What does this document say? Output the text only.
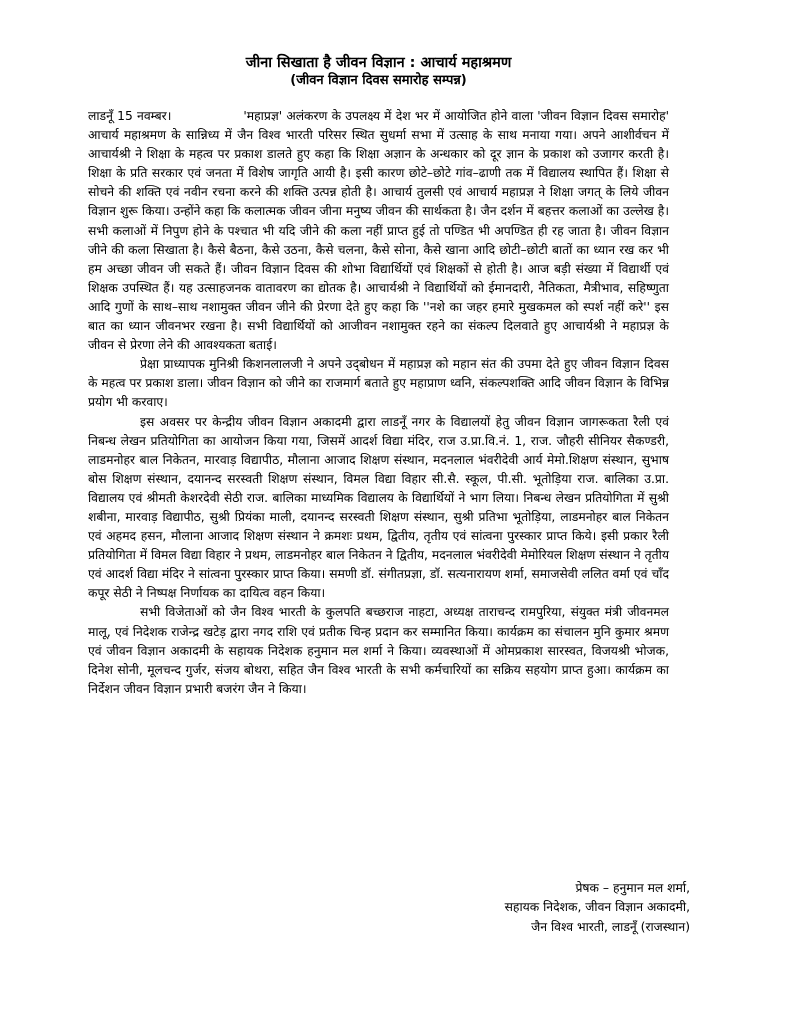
जीना सिखाता है जीवन विज्ञान : आचार्य महाश्रमण
(जीवन विज्ञान दिवस समारोह सम्पन्न)

लाडनूँ 15 नवम्बर।	'महाप्रज्ञ' अलंकरण के उपलक्ष्य में देश भर में आयोजित होने वाला 'जीवन विज्ञान दिवस समारोह' आचार्य महाश्रमण के सान्निध्य में जैन विश्व भारती परिसर स्थित सुधर्मा सभा में उत्साह के साथ मनाया गया। अपने आशीर्वचन में आचार्यश्री ने शिक्षा के महत्व पर प्रकाश डालते हुए कहा कि शिक्षा अज्ञान के अन्धकार को दूर ज्ञान के प्रकाश को उजागर करती है। शिक्षा के प्रति सरकार एवं जनता में विशेष जागृति आयी है। इसी कारण छोटे–छोटे गांव–ढाणी तक में विद्यालय स्थापित हैं। शिक्षा से सोचने की शक्ति एवं नवीन रचना करने की शक्ति उत्पन्न होती है। आचार्य तुलसी एवं आचार्य महाप्रज्ञ ने शिक्षा जगत् के लिये जीवन विज्ञान शुरू किया। उन्होंने कहा कि कलात्मक जीवन जीना मनुष्य जीवन की सार्थकता है। जैन दर्शन में बहत्तर कलाओं का उल्लेख है। सभी कलाओं में निपुण होने के पश्चात भी यदि जीने की कला नहीं प्राप्त हुई तो पण्डित भी अपण्डित ही रह जाता है। जीवन विज्ञान जीने की कला सिखाता है। कैसे बैठना, कैसे उठना, कैसे चलना, कैसे सोना, कैसे खाना आदि छोटी–छोटी बातों का ध्यान रख कर भी हम अच्छा जीवन जी सकते हैं। जीवन विज्ञान दिवस की शोभा विद्यार्थियों एवं शिक्षकों से होती है। आज बड़ी संख्या में विद्यार्थी एवं शिक्षक उपस्थित हैं। यह उत्साहजनक वातावरण का द्योतक है। आचार्यश्री ने विद्यार्थियों को ईमानदारी, नैतिकता, मैत्रीभाव, सहिष्णुता आदि गुणों के साथ–साथ नशामुक्त जीवन जीने की प्रेरणा देते हुए कहा कि ''नशे का जहर हमारे मुखकमल को स्पर्श नहीं करे'' इस बात का ध्यान जीवनभर रखना है। सभी विद्यार्थियों को आजीवन नशामुक्त रहने का संकल्प दिलवाते हुए आचार्यश्री ने महाप्रज्ञ के जीवन से प्रेरणा लेने की आवश्यकता बताई।

प्रेक्षा प्राध्यापक मुनिश्री किशनलालजी ने अपने उद्‌बोधन में महाप्रज्ञ को महान संत की उपमा देते हुए जीवन विज्ञान दिवस के महत्व पर प्रकाश डाला। जीवन विज्ञान को जीने का राजमार्ग बताते हुए महाप्राण ध्वनि, संकल्पशक्ति आदि जीवन विज्ञान के विभिन्न प्रयोग भी करवाए।

इस अवसर पर केन्द्रीय जीवन विज्ञान अकादमी द्वारा लाडनूँ नगर के विद्यालयों हेतु जीवन विज्ञान जागरूकता रैली एवं निबन्ध लेखन प्रतियोगिता का आयोजन किया गया, जिसमें आदर्श विद्या मंदिर, राज उ.प्रा.वि.नं. 1, राज. जौहरी सीनियर सैकण्डरी, लाडमनोहर बाल निकेतन, मारवाड़ विद्यापीठ, मौलाना आजाद शिक्षण संस्थान, मदनलाल भंवरीदेवी आर्य मेमो.शिक्षण संस्थान, सुभाष बोस शिक्षण संस्थान, दयानन्द सरस्वती शिक्षण संस्थान, विमल विद्या विहार सी.सै. स्कूल, पी.सी. भूतोड़िया राज. बालिका उ.प्रा. विद्यालय एवं श्रीमती केशरदेवी सेठी राज. बालिका माध्यमिक विद्यालय के विद्यार्थियों ने भाग लिया। निबन्ध लेखन प्रतियोगिता में सुश्री शबीना, मारवाड़ विद्यापीठ, सुश्री प्रियंका माली, दयानन्द सरस्वती शिक्षण संस्थान, सुश्री प्रतिभा भूतोड़िया, लाडमनोहर बाल निकेतन एवं अहमद हसन, मौलाना आजाद शिक्षण संस्थान ने क्रमशः प्रथम, द्वितीय, तृतीय एवं सांत्वना पुरस्कार प्राप्त किये। इसी प्रकार रैली प्रतियोगिता में विमल विद्या विहार ने प्रथम, लाडमनोहर बाल निकेतन ने द्वितीय, मदनलाल भंवरीदेवी मेमोरियल शिक्षण संस्थान ने तृतीय एवं आदर्श विद्या मंदिर ने सांत्वना पुरस्कार प्राप्त किया। समणी डॉ. संगीतप्रज्ञा, डॉ. सत्यनारायण शर्मा, समाजसेवी ललित वर्मा एवं चाँद कपूर सेठी ने निष्पक्ष निर्णायक का दायित्व वहन किया।

सभी विजेताओं को जैन विश्व भारती के कुलपति बच्छराज नाहटा, अध्यक्ष ताराचन्द रामपुरिया, संयुक्त मंत्री जीवनमल मालू, एवं निदेशक राजेन्द्र खटेड़ द्वारा नगद राशि एवं प्रतीक चिन्ह प्रदान कर सम्मानित किया। कार्यक्रम का संचालन मुनि कुमार श्रमण एवं जीवन विज्ञान अकादमी के सहायक निदेशक हनुमान मल शर्मा ने किया। व्यवस्थाओं में ओमप्रकाश सारस्वत, विजयश्री भोजक, दिनेश सोनी, मूलचन्द गुर्जर, संजय बोथरा, सहित जैन विश्व भारती के सभी कर्मचारियों का सक्रिय सहयोग प्राप्त हुआ। कार्यक्रम का निर्देशन जीवन विज्ञान प्रभारी बजरंग जैन ने किया।

प्रेषक – हनुमान मल शर्मा,
सहायक निदेशक, जीवन विज्ञान अकादमी,
जैन विश्व भारती, लाडनूँ (राजस्थान)
